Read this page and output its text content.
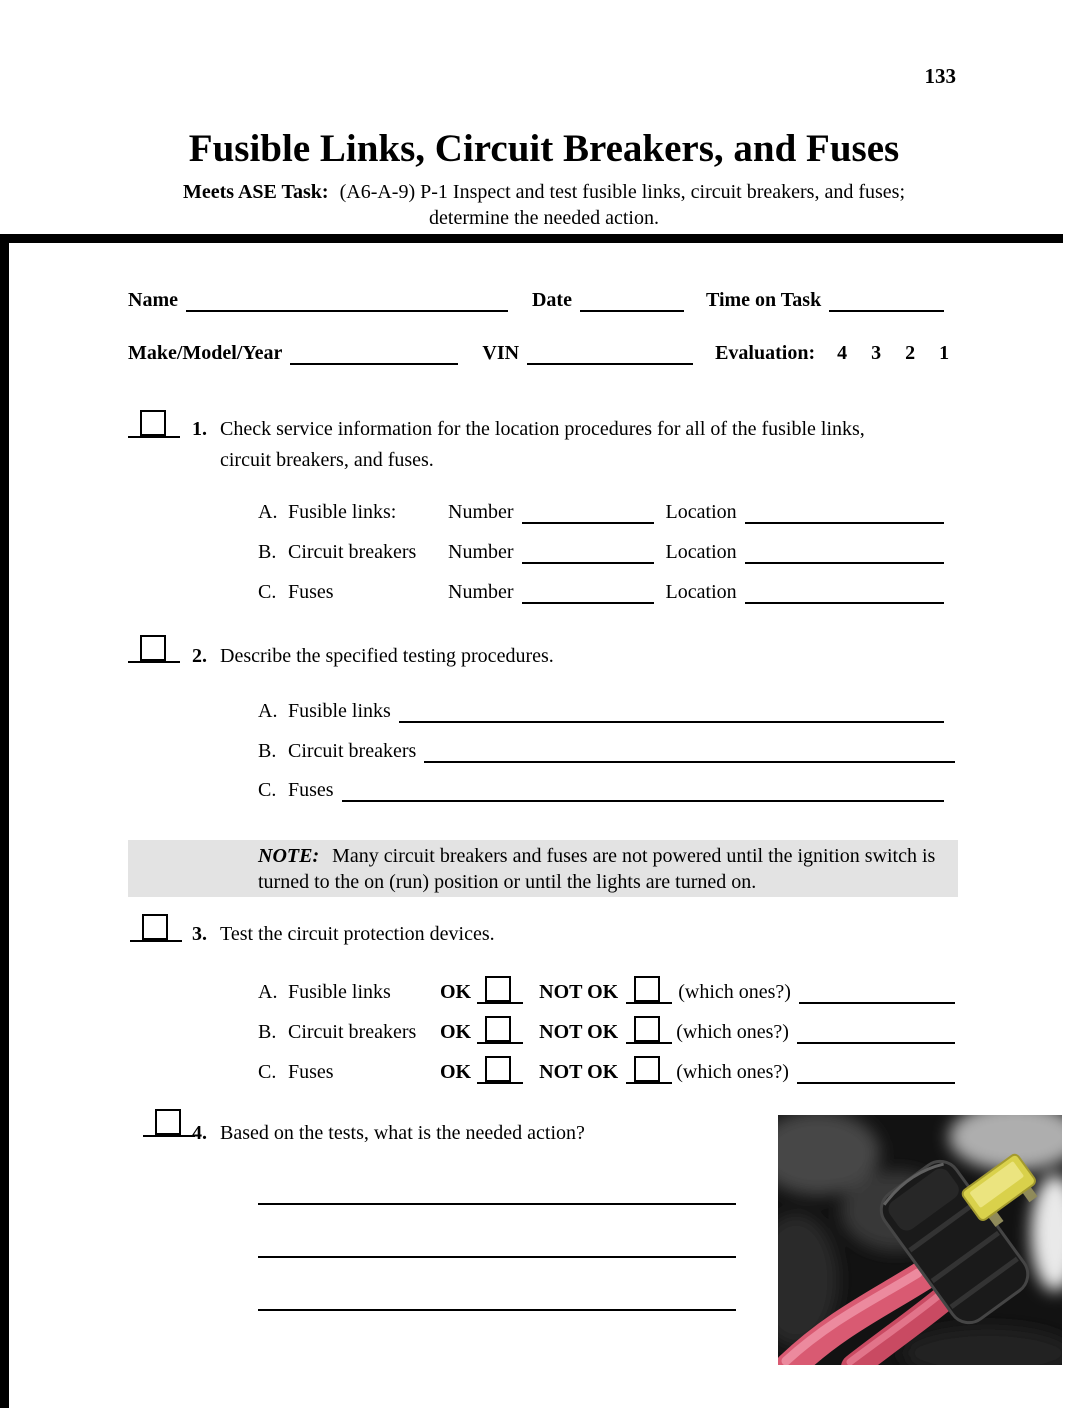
133
Fusible Links, Circuit Breakers, and Fuses
Meets ASE Task: (A6-A-9) P-1 Inspect and test fusible links, circuit breakers, and fuses;
determine the needed action.
Name	Date	Time on Task
Make/Model/Year	VIN	Evaluation: 4 3 2 1
1. Check service information for the location procedures for all of the fusible links,
circuit breakers, and fuses.
A. Fusible links:	Number	Location
B. Circuit breakers	Number	Location
C. Fuses	Number	Location
2. Describe the specified testing procedures.
A. Fusible links
B. Circuit breakers
C. Fuses
NOTE: Many circuit breakers and fuses are not powered until the ignition switch is turned to the on (run) position or until the lights are turned on.
3. Test the circuit protection devices.
A. Fusible links	OK	NOT OK	(which ones?)
B. Circuit breakers	OK	NOT OK	(which ones?)
C. Fuses	OK	NOT OK	(which ones?)
4. Based on the tests, what is the needed action?
